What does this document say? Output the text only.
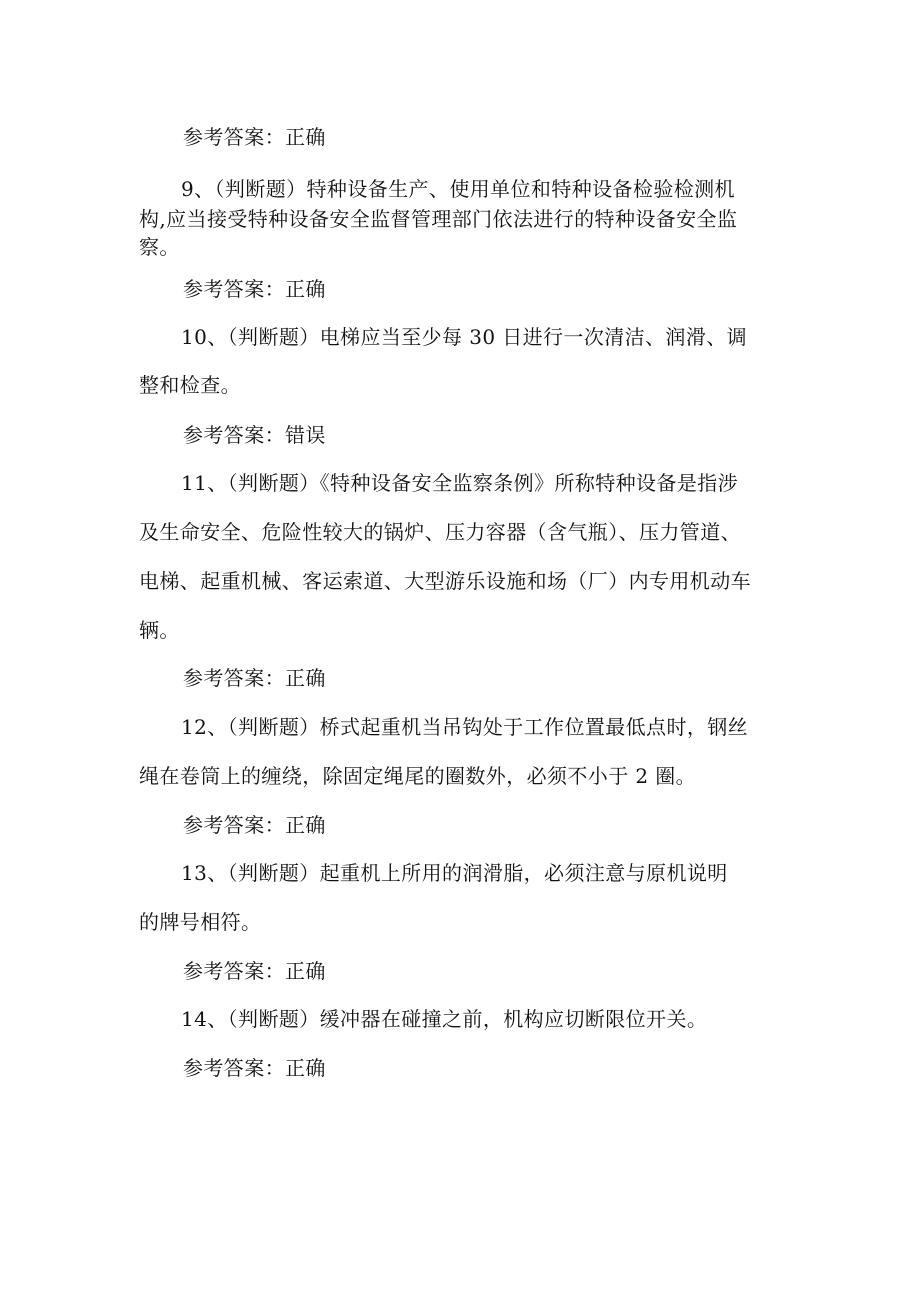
参考答案：正确
9、（判断题）特种设备生产、使用单位和特种设备检验检测机
构,应当接受特种设备安全监督管理部门依法进行的特种设备安全监
察。
参考答案：正确
10、（判断题）电梯应当至少每 30 日进行一次清洁、润滑、调
整和检查。
参考答案：错误
11、（判断题）《特种设备安全监察条例》所称特种设备是指涉
及生命安全、危险性较大的锅炉、压力容器（含气瓶）、压力管道、
电梯、起重机械、客运索道、大型游乐设施和场（厂）内专用机动车
辆。
参考答案：正确
12、（判断题）桥式起重机当吊钩处于工作位置最低点时，钢丝
绳在卷筒上的缠绕，除固定绳尾的圈数外，必须不小于 2 圈。
参考答案：正确
13、（判断题）起重机上所用的润滑脂，必须注意与原机说明
的牌号相符。
参考答案：正确
14、（判断题）缓冲器在碰撞之前，机构应切断限位开关。
参考答案：正确
